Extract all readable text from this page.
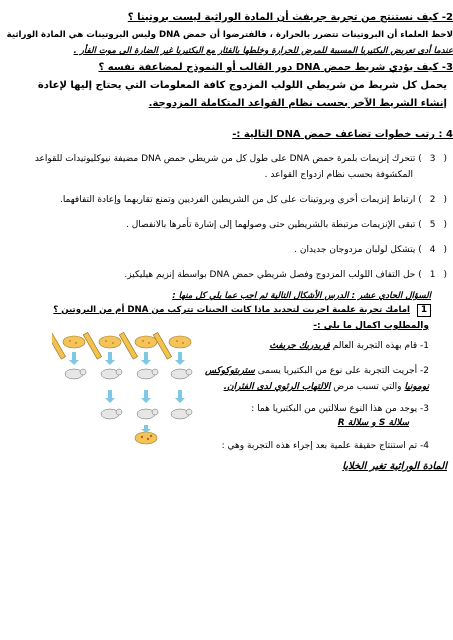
2- كيف نستنتج من تجربة جريفث أن المادة الوراثية ليست بروتينا ؟
لاحظ العلماء أن البروتينات تتضرر بالحرارة ، فالفترضوا أن حمض DNA وليس البروتينات هي المادة الوراثية
عندما أدى تعريض البكتيريا المسببة للمرض للحرارة وخلطها بالفئار مع البكتيريا غير الضارة الى موت الفأر .
3- كيف يؤدي شريط حمض DNA دور القالب أو النموذج لمضاعفة نفسه ؟
يحمل كل شريط من شريطي اللولب المزدوج كافة المعلومات التي يحتاج إليها لإعادة
إنشاء الشريط الآخر بحسب نظام القواعد المتكاملة المزدوجة.
4 : رتب خطوات تضاعف حمض DNA التالية :-
(3) تتحرك إنزيمات بلمرة حمض DNA على طول كل من شريطي حمض DNA مضيفة نيوكليوتيدات للقواعد
المكشوفة بحسب نظام ازدواج القواعد .
(2) ارتباط إنزيمات أخرى وبروتينات على كل من الشريطين الفرديين وتمنع تقاربهما وإعادة التفافهما.
(5) تبقى الإنزيمات مرتبطة بالشريطين حتى وصولهما إلى إشارة تأمرها بالانفصال .
(4) يتشكل لولبان مزدوجان جديدان .
(1) حل التفاف اللولب المزدوج وفصل شريطي حمض DNA بواسطة إنزيم هيليكيز.
السؤال الحادي عشر : الدرس الأشكال التالية ثم اجب عما يلي كل منها :
1 امامك تجربة علمية اجريت لتحديد ماذا كانت الجينات تتركب من DNA أم من البروتين ؟
والمطلوب اكمال ما يلي :-
1- قام بهذه التجربة العالم فريدريك جريفث
2- أجريت التجربة على نوع من البكتيريا يسمى ستربتوكوكس
نومونيا والتي تسبب مرض الالتهاب الرئوي لدى الفئران.
3- يوجد من هذا النوع سلالتين من البكتيريا هما :
سلالة S و سلالة R
4- تم استنتاج حقيقة علمية بعد إجراء هذه التجربة وهي :
المادة الوراثية تغير الخلايا
